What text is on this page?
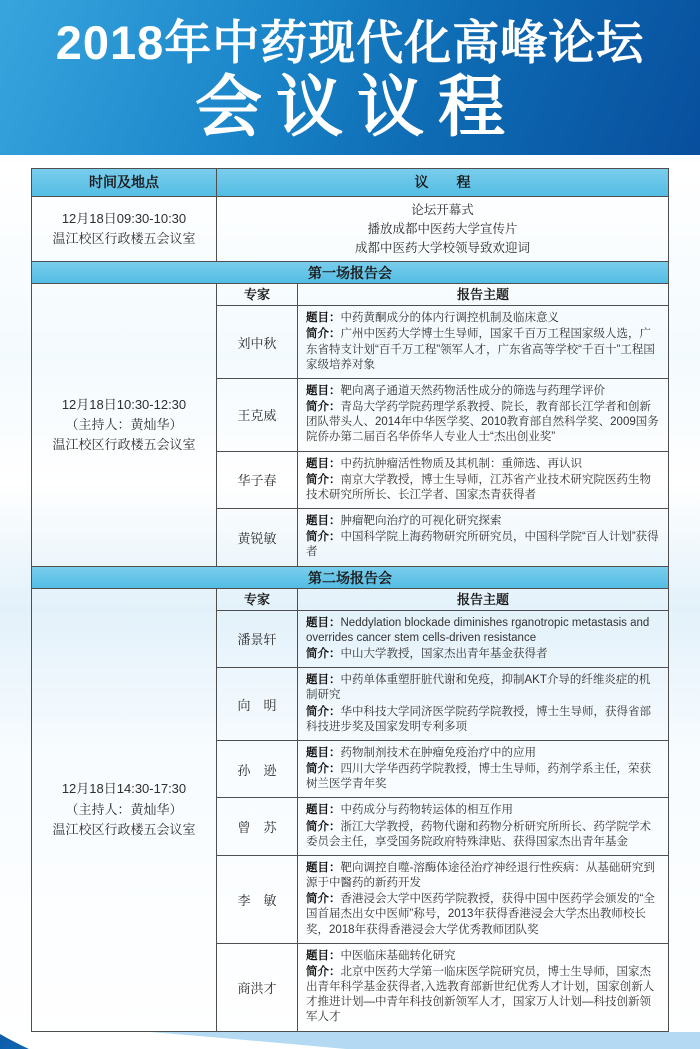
2018年中药现代化高峰论坛
会议议程
时间及地点	议　　程
12月18日09:30-10:30
温江校区行政楼五会议室
论坛开幕式
播放成都中医药大学宣传片
成都中医药大学校领导致欢迎词
第一场报告会
12月18日10:30-12:30
（主持人：黄灿华）
温江校区行政楼五会议室
专家	报告主题
刘中秋
题目：中药黄酮成分的体内行调控机制及临床意义
简介：广州中医药大学博士生导师，国家千百万工程国家级人选，广东省特支计划“百千万工程”领军人才，广东省高等学校“千百十”工程国家级培养对象
王克威
题目：靶向离子通道天然药物活性成分的筛选与药理学评价
简介：青岛大学药学院药理学系教授、院长，教育部长江学者和创新团队带头人、2014年中华医学奖、2010教育部自然科学奖、2009国务院侨办第二届百名华侨华人专业人士“杰出创业奖”
华子春
题目：中药抗肿瘤活性物质及其机制：重筛选、再认识
简介：南京大学教授，博士生导师，江苏省产业技术研究院医药生物技术研究所所长、长江学者、国家杰青获得者
黄锐敏
题目：肿瘤靶向治疗的可视化研究探索
简介：中国科学院上海药物研究所研究员，中国科学院“百人计划”获得者
第二场报告会
12月18日14:30-17:30
（主持人：黄灿华）
温江校区行政楼五会议室
专家	报告主题
潘景轩
题目：Neddylation blockade diminishes rganotropic metastasis and overrides cancer stem cells-driven resistance
简介：中山大学教授，国家杰出青年基金获得者
向　明
题目：中药单体重塑肝脏代谢和免疫，抑制AKT介导的纤维炎症的机制研究
简介：华中科技大学同济医学院药学院教授，博士生导师，获得省部科技进步奖及国家发明专利多项
孙　逊
题目：药物制剂技术在肿瘤免疫治疗中的应用
简介：四川大学华西药学院教授，博士生导师，药剂学系主任，荣获树兰医学青年奖
曾　苏
题目：中药成分与药物转运体的相互作用
简介：浙江大学教授，药物代谢和药物分析研究所所长、药学院学术委员会主任，享受国务院政府特殊津贴、获得国家杰出青年基金
李　敏
题目：靶向调控自噬-溶酶体途径治疗神经退行性疾病：从基础研究到源于中醫药的新药开发
简介：香港浸会大学中医药学院教授，获得中国中医药学会颁发的“全国首届杰出女中医师”称号，2013年获得香港浸会大学杰出教师校长奖，2018年获得香港浸会大学优秀教师团队奖
商洪才
题目：中医临床基础转化研究
简介：北京中医药大学第一临床医学院研究员，博士生导师，国家杰出青年科学基金获得者,入选教育部新世纪优秀人才计划，国家创新人才推进计划—中青年科技创新领军人才，国家万人计划—科技创新领军人才
